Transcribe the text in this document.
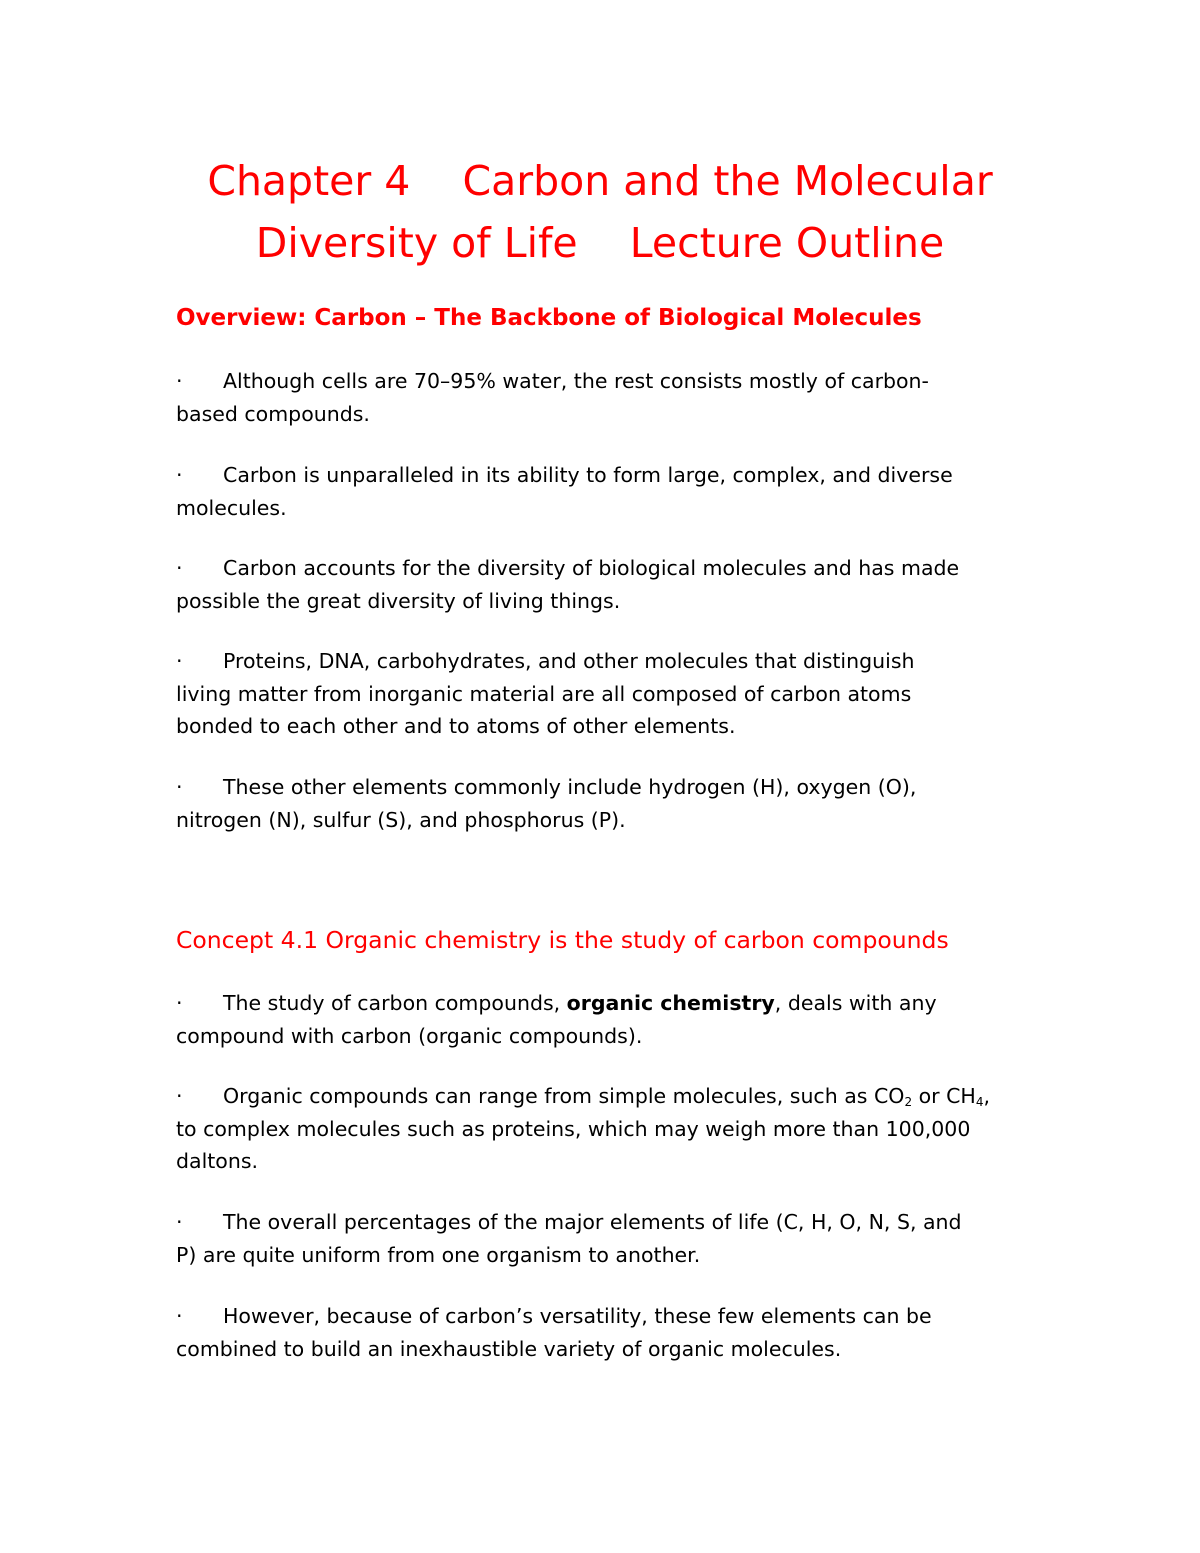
Chapter 4    Carbon and the Molecular
Diversity of Life    Lecture Outline
Overview: Carbon – The Backbone of Biological Molecules
· Although cells are 70–95% water, the rest consists mostly of carbon-
based compounds.
· Carbon is unparalleled in its ability to form large, complex, and diverse
molecules.
· Carbon accounts for the diversity of biological molecules and has made
possible the great diversity of living things.
· Proteins, DNA, carbohydrates, and other molecules that distinguish
living matter from inorganic material are all composed of carbon atoms
bonded to each other and to atoms of other elements.
· These other elements commonly include hydrogen (H), oxygen (O),
nitrogen (N), sulfur (S), and phosphorus (P).
Concept 4.1 Organic chemistry is the study of carbon compounds
· The study of carbon compounds, organic chemistry, deals with any
compound with carbon (organic compounds).
· Organic compounds can range from simple molecules, such as $CO_2$ or $CH_4$,
to complex molecules such as proteins, which may weigh more than 100,000
daltons.
· The overall percentages of the major elements of life (C, H, O, N, S, and
P) are quite uniform from one organism to another.
· However, because of carbon’s versatility, these few elements can be
combined to build an inexhaustible variety of organic molecules.
